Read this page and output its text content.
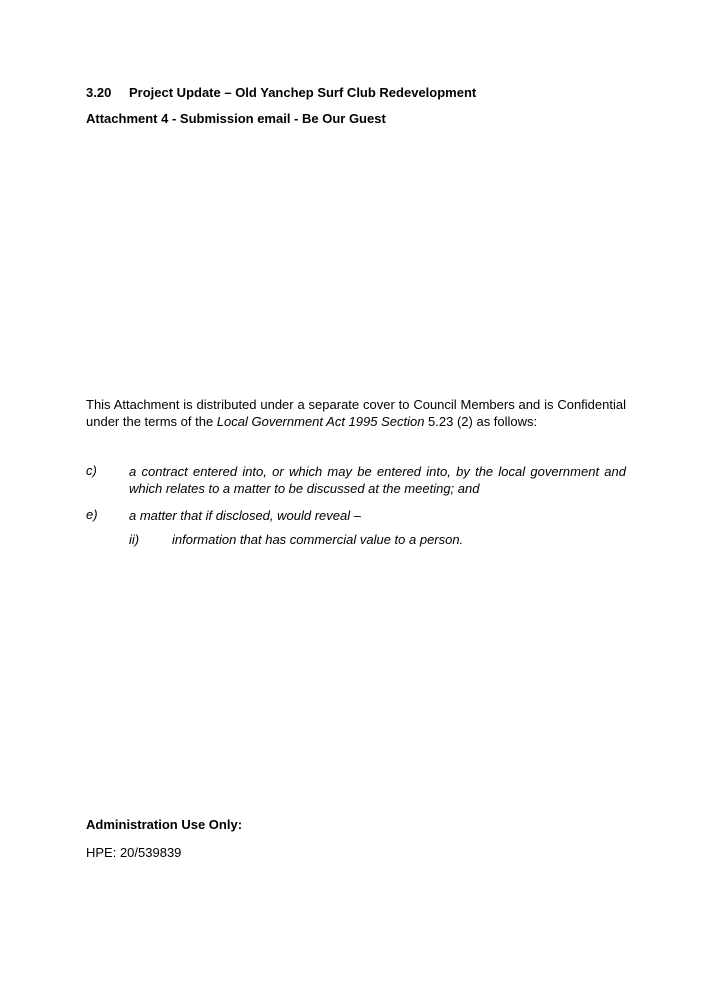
3.20 Project Update – Old Yanchep Surf Club Redevelopment
Attachment 4 - Submission email - Be Our Guest
This Attachment is distributed under a separate cover to Council Members and is Confidential under the terms of the Local Government Act 1995 Section 5.23 (2) as follows:
c) a contract entered into, or which may be entered into, by the local government and which relates to a matter to be discussed at the meeting; and
e) a matter that if disclosed, would reveal –
ii)	information that has commercial value to a person.
Administration Use Only:
HPE: 20/539839
